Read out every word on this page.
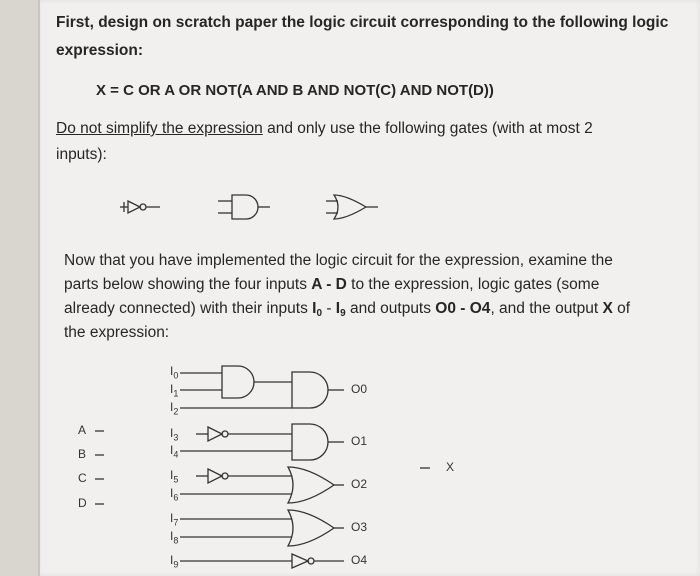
First, design on scratch paper the logic circuit corresponding to the following logic
expression:
X = C OR A OR NOT(A AND B AND NOT(C) AND NOT(D))
Do not simplify the expression and only use the following gates (with at most 2
inputs):
Now that you have implemented the logic circuit for the expression, examine the
parts below showing the four inputs A - D to the expression, logic gates (some
already connected) with their inputs I0 - I9 and outputs O0 - O4, and the output X of
the expression:
A
B
C
D
$I_0$
$I_1$
$I_2$
$I_3$
$I_4$
$I_5$
$I_6$
$I_7$
$I_8$
$I_9$
O0
O1
O2
O3
O4
X
